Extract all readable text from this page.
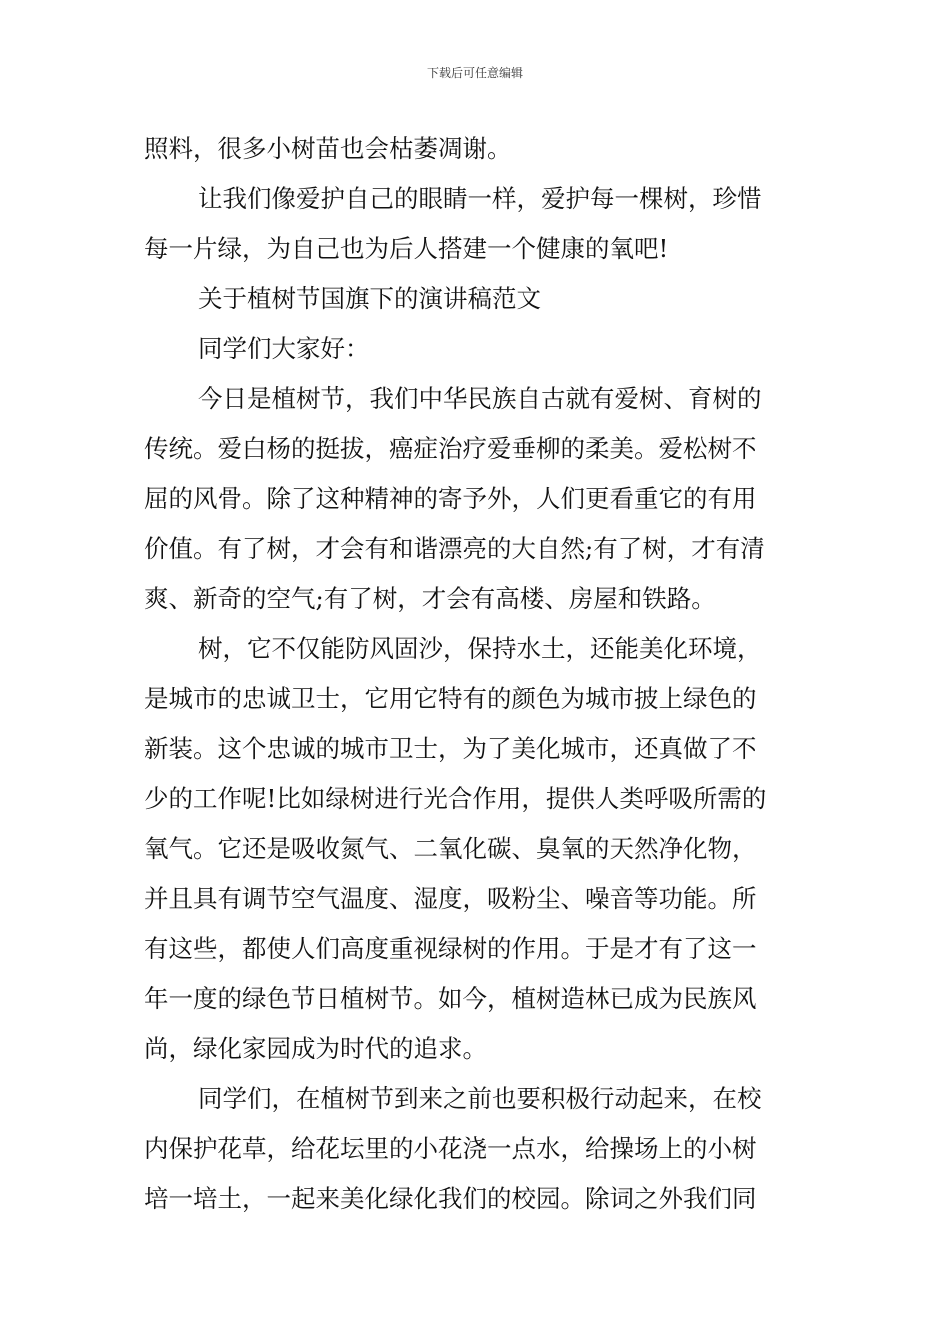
下载后可任意编辑
照料，很多小树苗也会枯萎凋谢。
让我们像爱护自己的眼睛一样，爱护每一棵树，珍惜
每一片绿，为自己也为后人搭建一个健康的氧吧!
关于植树节国旗下的演讲稿范文
同学们大家好：
今日是植树节，我们中华民族自古就有爱树、育树的
传统。爱白杨的挺拔，癌症治疗爱垂柳的柔美。爱松树不
屈的风骨。除了这种精神的寄予外，人们更看重它的有用
价值。有了树，才会有和谐漂亮的大自然;有了树，才有清
爽、新奇的空气;有了树，才会有高楼、房屋和铁路。
树，它不仅能防风固沙，保持水土，还能美化环境，
是城市的忠诚卫士，它用它特有的颜色为城市披上绿色的
新装。这个忠诚的城市卫士，为了美化城市，还真做了不
少的工作呢!比如绿树进行光合作用，提供人类呼吸所需的
氧气。它还是吸收氮气、二氧化碳、臭氧的天然净化物，
并且具有调节空气温度、湿度，吸粉尘、噪音等功能。所
有这些，都使人们高度重视绿树的作用。于是才有了这一
年一度的绿色节日植树节。如今，植树造林已成为民族风
尚，绿化家园成为时代的追求。
同学们，在植树节到来之前也要积极行动起来，在校
内保护花草，给花坛里的小花浇一点水，给操场上的小树
培一培土，一起来美化绿化我们的校园。除词之外我们同
